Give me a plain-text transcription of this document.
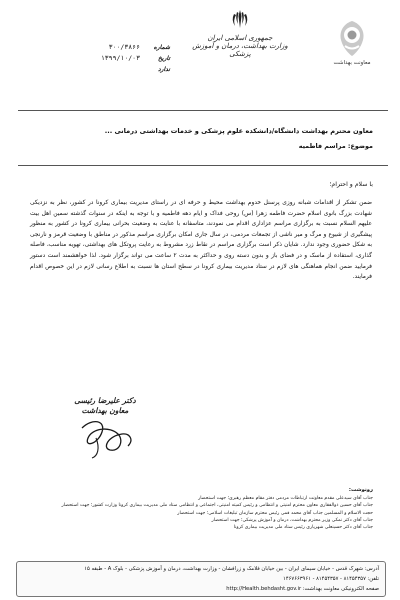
معاونت بهداشت
جمهوری اسلامی ایران
وزارت بهداشت، درمان و آموزش پزشکی
شماره
۳۰۰/۳۸۶۶
تاریخ
۱۳۹۹/۱۰/۰۳
ندارد
معاون محترم بهداشت دانشگاه/دانشکده علوم پزشکی و خدمات بهداشتی درمانی ...
موضوع: مراسم فاطمیه
با سلام و احترام؛
ضمن تشکر از اقدامات شبانه روزی پرسنل خدوم بهداشت محیط و حرفه ای در راستای مدیریت بیماری کرونا در کشور، نظر به نزدیکی شهادت بزرگ بانوی اسلام حضرت فاطمه زهرا (س) روحی فداک و ایام دهه فاطمیه و با توجه به اینکه در سنوات گذشته سمین اهل بیت علیهم السلام نسبت به برگزاری مراسم عزاداری اقدام می نمودند، متاسفانه با عنایت به وضعیت بحرانی بیماری کرونا در کشور به منظور پیشگیری از شیوع و مرگ و میر ناشی از تجمعات مردمی، در سال جاری امکان برگزاری مراسم مذکور در مناطق با وضعیت قرمز و نارنجی به شکل حضوری وجود ندارد. شایان ذکر است برگزاری مراسم در نقاط زرد مشروط به رعایت پروتکل های بهداشتی، تهویه مناسب، فاصله گذاری، استفاده از ماسک و در فضای باز و بدون دسته روی و حداکثر به مدت ۲ ساعت می تواند برگزار شود. لذا خواهشمند است دستور فرمایید ضمن انجام هماهنگی های لازم در ستاد مدیریت بیماری کرونا در سطح استان ها نسبت به اطلاع رسانی لازم در این خصوص اقدام فرمایند.
دکتر علیرضا رئیسی
معاون بهداشت
رونوشت:
جناب آقای سیدعلی مقدم معاونت ارتباطات مردمی دفتر مقام معظم رهبری؛ جهت استحضار
جناب آقای حسین ذوالفقاری معاون محترم امنیتی و انتظامی و رئیس کمیته امنیتی، اجتماعی و انتظامی ستاد ملی مدیریت بیماری کرونا وزارت کشور؛ جهت استحضار
حجت الاسلام و المسلمین جناب آقای محمد قمی رئیس محترم سازمان تبلیغات اسلامی؛ جهت استحضار
جناب آقای دکتر نمکی وزیر محترم بهداشت، درمان و آموزش پزشکی؛ جهت استحضار
جناب آقای دکتر حسینعلی شهریاری رئیس ستاد ملی مدیریت بیماری کرونا
آدرس: شهرک قدس - خیابان سیمای ایران - بین خیابان فلامک و زرافشان - وزارت بهداشت، درمان و آموزش پزشکی - بلوک A - طبقه ۱۵
تلفن: ۸۱۴۵۴۳۵۷ - ۸۱۴۵۴۳۵۷ - ۱۴۶۷۶۶۳۹۶۱
صفحه الکترونیکی معاونت بهداشت: http://Health.behdasht.gov.ir
